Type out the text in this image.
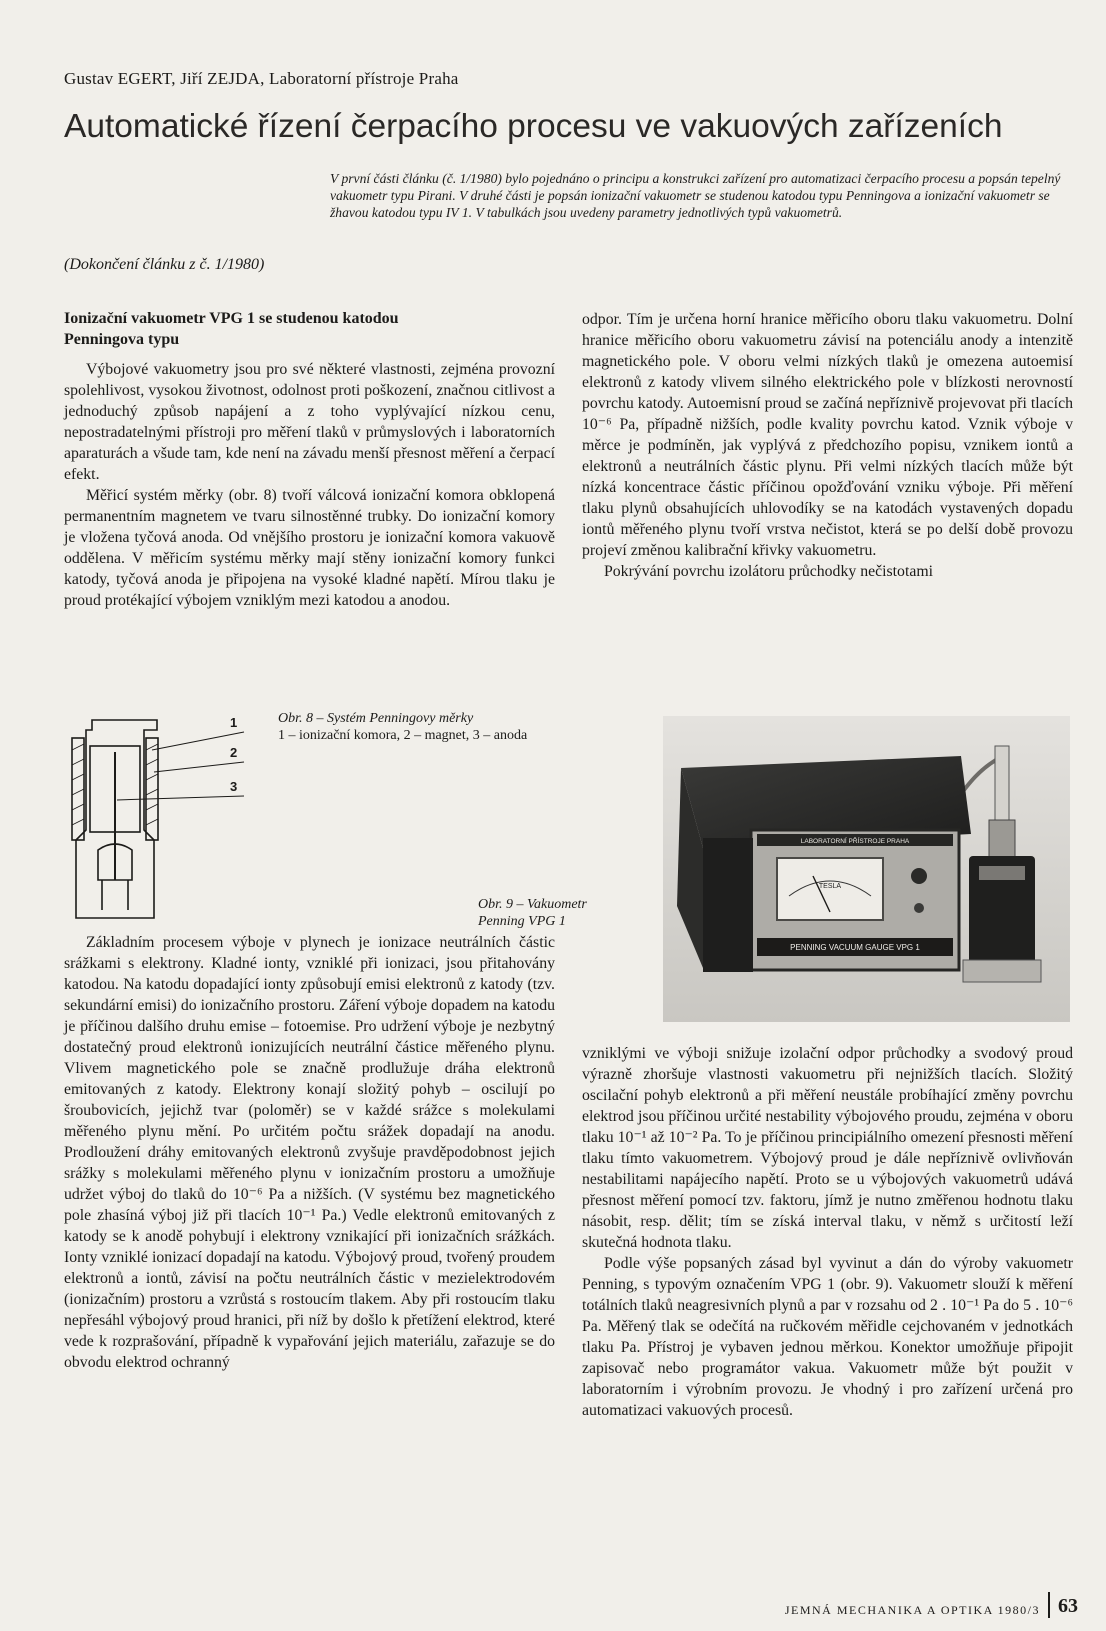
Gustav EGERT, Jiří ZEJDA, Laboratorní přístroje Praha
Automatické řízení čerpacího procesu ve vakuových zařízeních
V první části článku (č. 1/1980) bylo pojednáno o principu a konstrukci zařízení pro automatizaci čerpacího procesu a popsán tepelný vakuometr typu Pirani. V druhé části je popsán ionizační vakuometr se studenou katodou typu Penningova a ionizační vakuometr se žhavou katodou typu IV 1. V tabulkách jsou uvedeny parametry jednotlivých typů vakuometrů.
(Dokončení článku z č. 1/1980)
Ionizační vakuometr VPG 1 se studenou katodou
Penningova typu

Výbojové vakuometry jsou pro své některé vlastnosti, zejména provozní spolehlivost, vysokou životnost, odolnost proti poškození, značnou citlivost a jednoduchý způsob napájení a z toho vyplývající nízkou cenu, nepostradatelnými přístroji pro měření tlaků v průmyslových i laboratorních aparaturách a všude tam, kde není na závadu menší přesnost měření a čerpací efekt.

Měřicí systém měrky (obr. 8) tvoří válcová ionizační komora obklopená permanentním magnetem ve tvaru silnostěnné trubky. Do ionizační komory je vložena tyčová anoda. Od vnějšího prostoru je ionizační komora vakuově oddělena. V měřicím systému měrky mají stěny ionizační komory funkci katody, tyčová anoda je připojena na vysoké kladné napětí. Mírou tlaku je proud protékající výbojem vzniklým mezi katodou a anodou.

odpor. Tím je určena horní hranice měřicího oboru tlaku vakuometru. Dolní hranice měřicího oboru vakuometru závisí na potenciálu anody a intenzitě magnetického pole. V oboru velmi nízkých tlaků je omezena autoemisí elektronů z katody vlivem silného elektrického pole v blízkosti nerovností povrchu katody. Autoemisní proud se začíná nepříznivě projevovat při tlacích 10⁻⁶ Pa, případně nižších, podle kvality povrchu katod. Vznik výboje v měrce je podmíněn, jak vyplývá z předchozího popisu, vznikem iontů a elektronů a neutrálních částic plynu. Při velmi nízkých tlacích může být nízká koncentrace částic příčinou opožďování vzniku výboje. Při měření tlaku plynů obsahujících uhlovodíky se na katodách vystavených dopadu iontů měřeného plynu tvoří vrstva nečistot, která se po delší době provozu projeví změnou kalibrační křivky vakuometru.

Pokrývání povrchu izolátoru průchodky nečistotami

1
2
3
Obr. 8 – Systém Penningovy měrky
1 – ionizační komora, 2 – magnet, 3 – anoda
Obr. 9 – Vakuometr
Penning VPG 1
LABORATORNÍ PŘÍSTROJE PRAHA
TESLA
PENNING VACUUM GAUGE VPG 1

Základním procesem výboje v plynech je ionizace neutrálních částic srážkami s elektrony. Kladné ionty, vzniklé při ionizaci, jsou přitahovány katodou. Na katodu dopadající ionty způsobují emisi elektronů z katody (tzv. sekundární emisi) do ionizačního prostoru. Záření výboje dopadem na katodu je příčinou dalšího druhu emise – fotoemise. Pro udržení výboje je nezbytný dostatečný proud elektronů ionizujících neutrální částice měřeného plynu. Vlivem magnetického pole se značně prodlužuje dráha elektronů emitovaných z katody. Elektrony konají složitý pohyb – oscilují po šroubovicích, jejichž tvar (poloměr) se v každé srážce s molekulami měřeného plynu mění. Po určitém počtu srážek dopadají na anodu. Prodloužení dráhy emitovaných elektronů zvyšuje pravděpodobnost jejich srážky s molekulami měřeného plynu v ionizačním prostoru a umožňuje udržet výboj do tlaků do 10⁻⁶ Pa a nižších. (V systému bez magnetického pole zhasíná výboj již při tlacích 10⁻¹ Pa.) Vedle elektronů emitovaných z katody se k anodě pohybují i elektrony vznikající při ionizačních srážkách. Ionty vzniklé ionizací dopadají na katodu. Výbojový proud, tvořený proudem elektronů a iontů, závisí na počtu neutrálních částic v mezielektrodovém (ionizačním) prostoru a vzrůstá s rostoucím tlakem. Aby při rostoucím tlaku nepřesáhl výbojový proud hranici, při níž by došlo k přetížení elektrod, které vede k rozprašování, případně k vypařování jejich materiálu, zařazuje se do obvodu elektrod ochranný

vzniklými ve výboji snižuje izolační odpor průchodky a svodový proud výrazně zhoršuje vlastnosti vakuometru při nejnižších tlacích. Složitý oscilační pohyb elektronů a při měření neustále probíhající změny povrchu elektrod jsou příčinou určité nestability výbojového proudu, zejména v oboru tlaku 10⁻¹ až 10⁻² Pa. To je příčinou principiálního omezení přesnosti měření tlaku tímto vakuometrem. Výbojový proud je dále nepříznivě ovlivňován nestabilitami napájecího napětí. Proto se u výbojových vakuometrů udává přesnost měření pomocí tzv. faktoru, jímž je nutno změřenou hodnotu tlaku násobit, resp. dělit; tím se získá interval tlaku, v němž s určitostí leží skutečná hodnota tlaku.

Podle výše popsaných zásad byl vyvinut a dán do výroby vakuometr Penning, s typovým označením VPG 1 (obr. 9). Vakuometr slouží k měření totálních tlaků neagresivních plynů a par v rozsahu od 2 . 10⁻¹ Pa do 5 . 10⁻⁶ Pa. Měřený tlak se odečítá na ručkovém měřidle cejchovaném v jednotkách tlaku Pa. Přístroj je vybaven jednou měrkou. Konektor umožňuje připojit zapisovač nebo programátor vakua. Vakuometr může být použit v laboratorním i výrobním provozu. Je vhodný i pro zařízení určená pro automatizaci vakuových procesů.

JEMNÁ MECHANIKA A OPTIKA 1980/3 63
